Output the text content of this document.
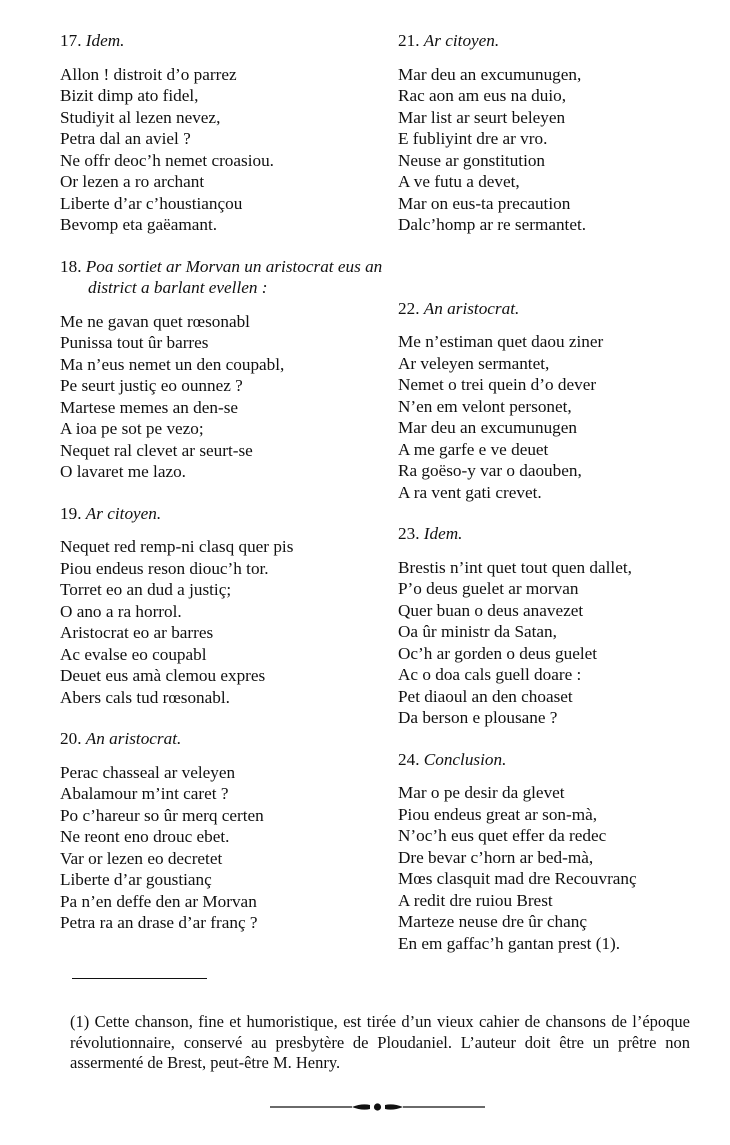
17. Idem.
Allon ! distroit d’o parrez
Bizit dimp ato fidel,
Studiyit al lezen nevez,
Petra dal an aviel ?
Ne offr deoc’h nemet croasiou.
Or lezen a ro archant
Liberte d’ar c’houstiançou
Bevomp eta gaëamant.
18. Poa sortiet ar Morvan un aristocrat eus an district a barlant evellen :
Me ne gavan quet rœsonabl
Punissa tout ûr barres
Ma n’eus nemet un den coupabl,
Pe seurt justiç eo ounnez ?
Martese memes an den-se
A ioa pe sot pe vezo;
Nequet ral clevet ar seurt-se
O lavaret me lazo.
19. Ar citoyen.
Nequet red remp-ni clasq quer pis
Piou endeus reson diouc’h tor.
Torret eo an dud a justiç;
O ano a ra horrol.
Aristocrat eo ar barres
Ac evalse eo coupabl
Deuet eus amà clemou expres
Abers cals tud rœsonabl.
20. An aristocrat.
Perac chasseal ar veleyen
Abalamour m’int caret ?
Po c’hareur so ûr merq certen
Ne reont eno drouc ebet.
Var or lezen eo decretet
Liberte d’ar goustianç
Pa n’en deffe den ar Morvan
Petra ra an drase d’ar franç ?
21. Ar citoyen.
Mar deu an excumunugen,
Rac aon am eus na duio,
Mar list ar seurt beleyen
E fubliyint dre ar vro.
Neuse ar gonstitution
A ve futu a devet,
Mar on eus-ta precaution
Dalc’homp ar re sermantet.
22. An aristocrat.
Me n’estiman quet daou ziner
Ar veleyen sermantet,
Nemet o trei quein d’o dever
N’en em velont personet,
Mar deu an excumunugen
A me garfe e ve deuet
Ra goëso-y var o daouben,
A ra vent gati crevet.
23. Idem.
Brestis n’int quet tout quen dallet,
P’o deus guelet ar morvan
Quer buan o deus anavezet
Oa ûr ministr da Satan,
Oc’h ar gorden o deus guelet
Ac o doa cals guell doare :
Pet diaoul an den choaset
Da berson e plousane ?
24. Conclusion.
Mar o pe desir da glevet
Piou endeus great ar son-mà,
N’oc’h eus quet effer da redec
Dre bevar c’horn ar bed-mà,
Mœs clasquit mad dre Recouvranç
A redit dre ruiou Brest
Marteze neuse dre ûr chanç
En em gaffac’h gantan prest (1).
(1) Cette chanson, fine et humoristique, est tirée d’un vieux cahier de chansons de l’époque révolutionnaire, conservé au presbytère de Ploudaniel. L’auteur doit être un prêtre non assermenté de Brest, peut-être M. Henry.
